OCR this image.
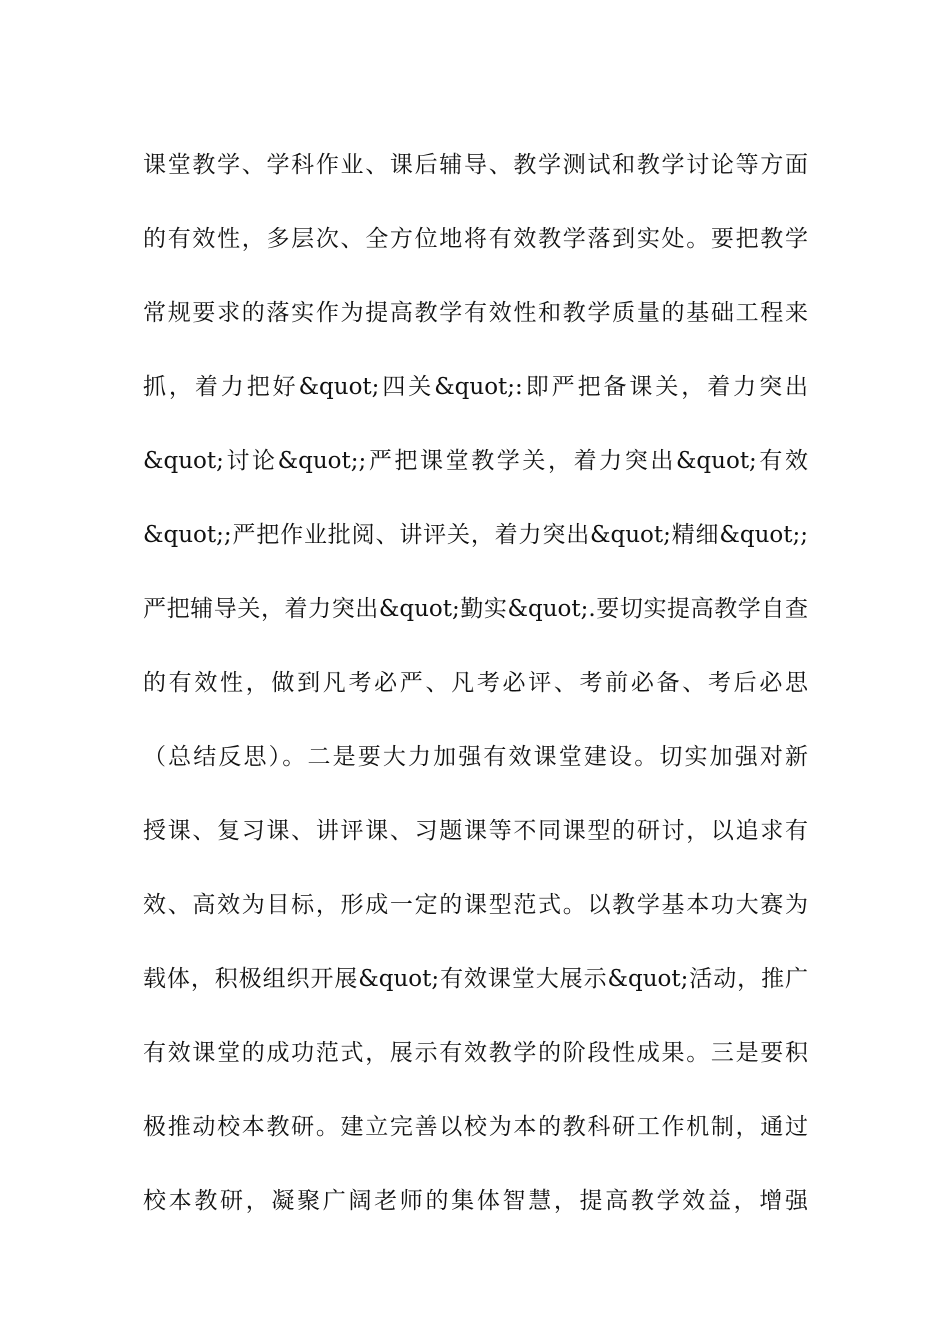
课堂教学、学科作业、课后辅导、教学测试和教学讨论等方面
的有效性，多层次、全方位地将有效教学落到实处。要把教学
常规要求的落实作为提高教学有效性和教学质量的基础工程来
抓，着力把好&quot;四关&quot;:即严把备课关，着力突出
&quot;讨论&quot;;严把课堂教学关，着力突出&quot;有效
&quot;;严把作业批阅、讲评关，着力突出&quot;精细&quot;;
严把辅导关，着力突出&quot;勤实&quot;.要切实提高教学自查
的有效性，做到凡考必严、凡考必评、考前必备、考后必思
（总结反思）。二是要大力加强有效课堂建设。切实加强对新
授课、复习课、讲评课、习题课等不同课型的研讨，以追求有
效、高效为目标，形成一定的课型范式。以教学基本功大赛为
载体，积极组织开展&quot;有效课堂大展示&quot;活动，推广
有效课堂的成功范式，展示有效教学的阶段性成果。三是要积
极推动校本教研。建立完善以校为本的教科研工作机制，通过
校本教研，凝聚广阔老师的集体智慧，提高教学效益，增强
